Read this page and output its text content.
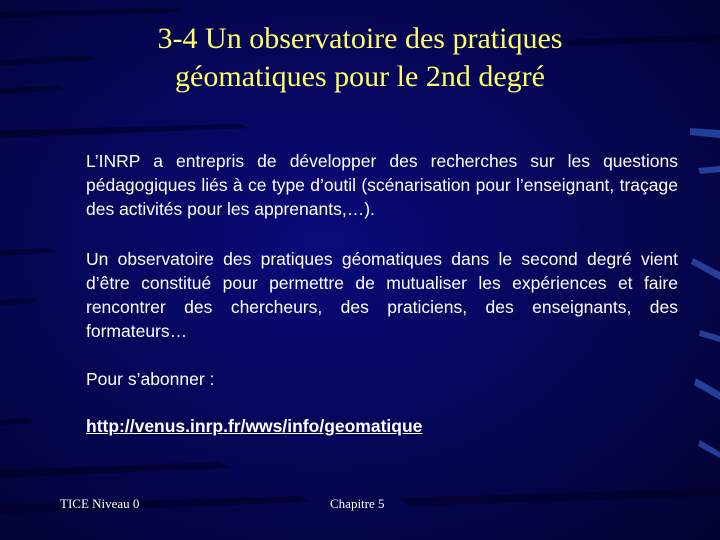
3-4 Un observatoire des pratiques
géomatiques pour le 2nd degré

L’INRP a entrepris de développer des recherches sur les questions pédagogiques liés à ce type d’outil (scénarisation pour l’enseignant, traçage des activités pour les apprenants,…).

Un observatoire des pratiques géomatiques dans le second degré vient d’être constitué pour permettre de mutualiser les expériences et faire rencontrer des chercheurs, des praticiens, des enseignants, des formateurs…

Pour s’abonner :

http://venus.inrp.fr/wws/info/geomatique
TICE Niveau 0	Chapitre 5
